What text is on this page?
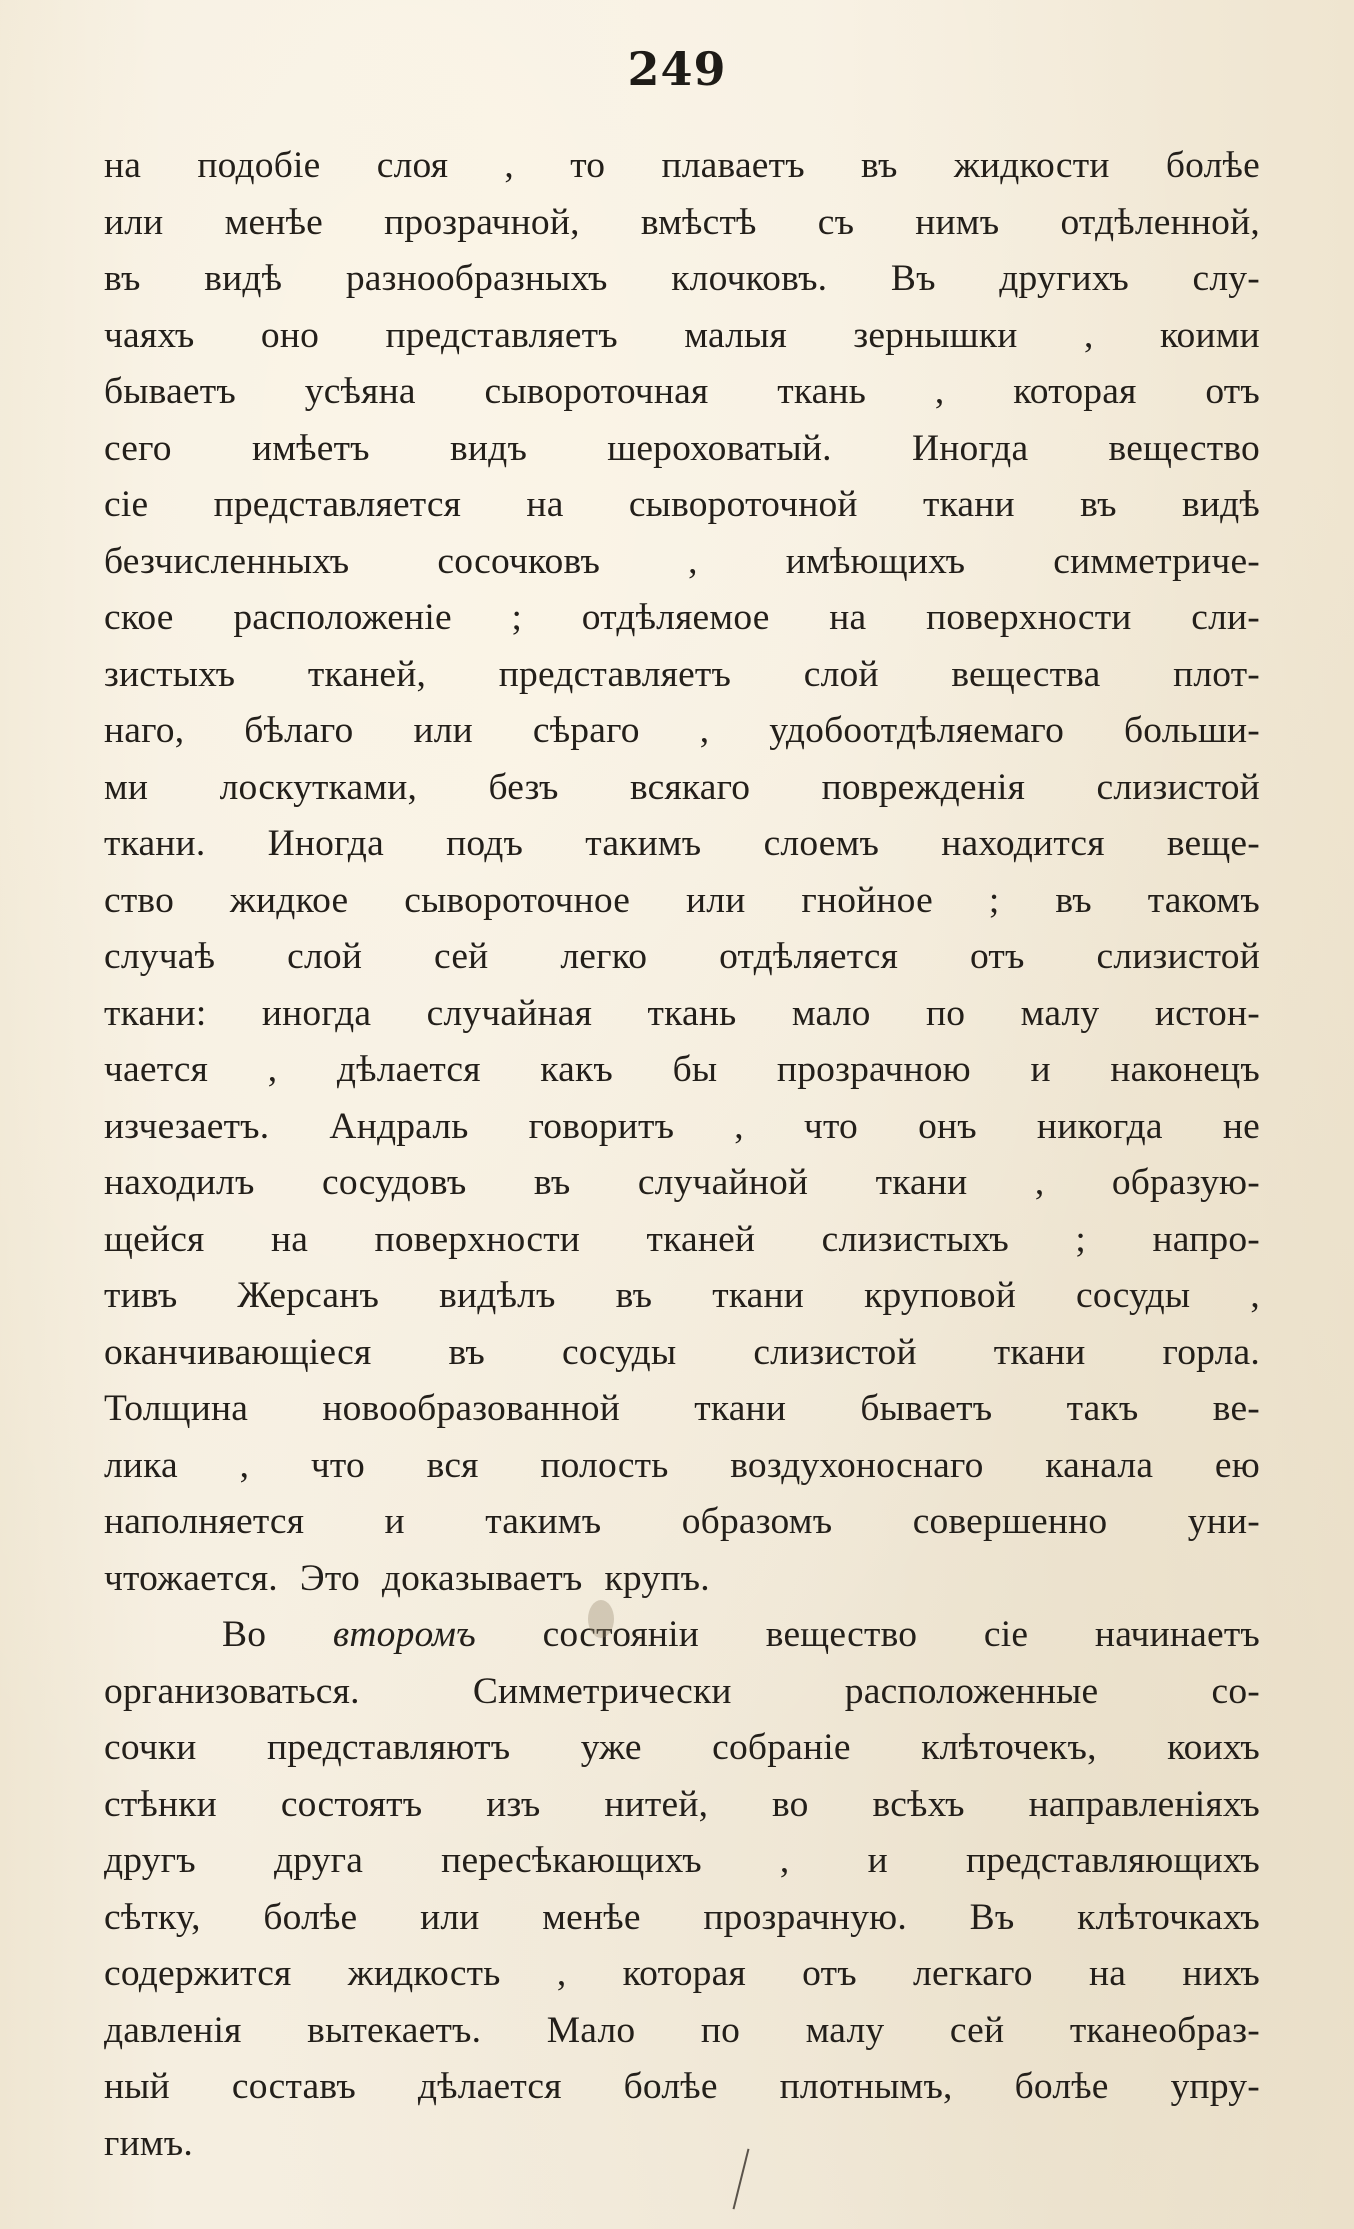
249
на подобіе слоя , то плаваетъ въ жидкости болѣе
или менѣе прозрачной, вмѣстѣ съ нимъ отдѣленной,
въ видѣ разнообразныхъ клочковъ. Въ другихъ слу-
чаяхъ оно представляетъ малыя зернышки , коими
бываетъ усѣяна сывороточная ткань , которая отъ
сего имѣетъ видъ шероховатый. Иногда вещество
сіе представляется на сывороточной ткани въ видѣ
безчисленныхъ сосочковъ , имѣющихъ симметриче-
ское расположеніе ; отдѣляемое на поверхности сли-
зистыхъ тканей, представляетъ слой вещества плот-
наго, бѣлаго или сѣраго , удобоотдѣляемаго больши-
ми лоскутками, безъ всякаго поврежденія слизистой
ткани. Иногда подъ такимъ слоемъ находится веще-
ство жидкое сывороточное или гнойное ; въ такомъ
случаѣ слой сей легко отдѣляется отъ слизистой
ткани: иногда случайная ткань мало по малу истон-
чается , дѣлается какъ бы прозрачною и наконецъ
изчезаетъ. Андраль говоритъ , что онъ никогда не
находилъ сосудовъ въ случайной ткани , образую-
щейся на поверхности тканей слизистыхъ ; напро-
тивъ Жерсанъ видѣлъ въ ткани круповой сосуды ,
оканчивающіеся въ сосуды слизистой ткани горла.
Толщина новообразованной ткани бываетъ такъ ве-
лика , что вся полость воздухоноснаго канала ею
наполняется и такимъ образомъ совершенно уни-
чтожается. Это доказываетъ крупъ.
Во второмъ состояніи вещество сіе начинаетъ
организоваться.	Симметрически	расположенные	со-
сочки представляютъ уже собраніе клѣточекъ, коихъ
стѣнки состоятъ изъ нитей, во всѣхъ направленіяхъ
другъ друга пересѣкающихъ , и представляющихъ
сѣтку, болѣе или менѣе прозрачную. Въ клѣточкахъ
содержится жидкость , которая отъ легкаго на нихъ
давленія вытекаетъ. Мало по малу сей тканеобраз-
ный составъ дѣлается болѣе плотнымъ, болѣе упру-
гимъ.
